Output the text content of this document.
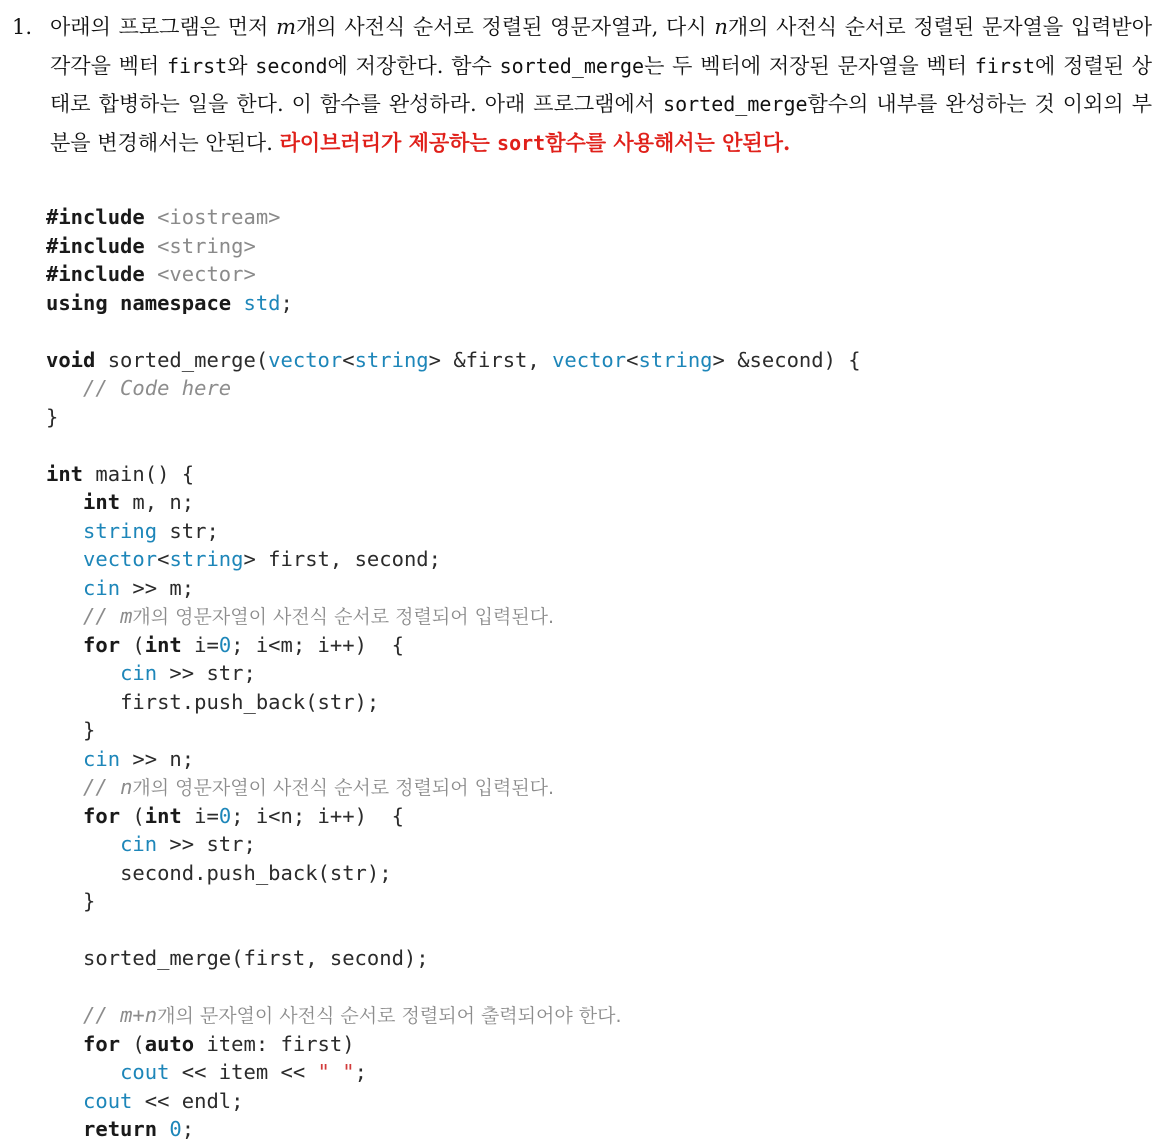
1. 아래의 프로그램은 먼저 m개의 사전식 순서로 정렬된 영문자열과, 다시 n개의 사전식 순서로 정렬된 문자열을 입력받아 각각을 벡터 first와 second에 저장한다. 함수 sorted_merge는 두 벡터에 저장된 문자열을 벡터 first에 정렬된 상태로 합병하는 일을 한다. 이 함수를 완성하라. 아래 프로그램에서 sorted_merge함수의 내부를 완성하는 것 이외의 부분을 변경해서는 안된다. 라이브러리가 제공하는 sort함수를 사용해서는 안된다.
#include <iostream>
#include <string>
#include <vector>
using namespace std;
void sorted_merge(vector<string> &first, vector<string> &second) {
// Code here
}
int main() {
int m, n;
string str;
vector<string> first, second;
cin >> m;
// m개의 영문자열이 사전식 순서로 정렬되어 입력된다.
for (int i=0; i<m; i++)  {
cin >> str;
first.push_back(str);
}
cin >> n;
// n개의 영문자열이 사전식 순서로 정렬되어 입력된다.
for (int i=0; i<n; i++)  {
cin >> str;
second.push_back(str);
}
sorted_merge(first, second);
// m+n개의 문자열이 사전식 순서로 정렬되어 출력되어야 한다.
for (auto item: first)
cout << item << " ";
cout << endl;
return 0;
